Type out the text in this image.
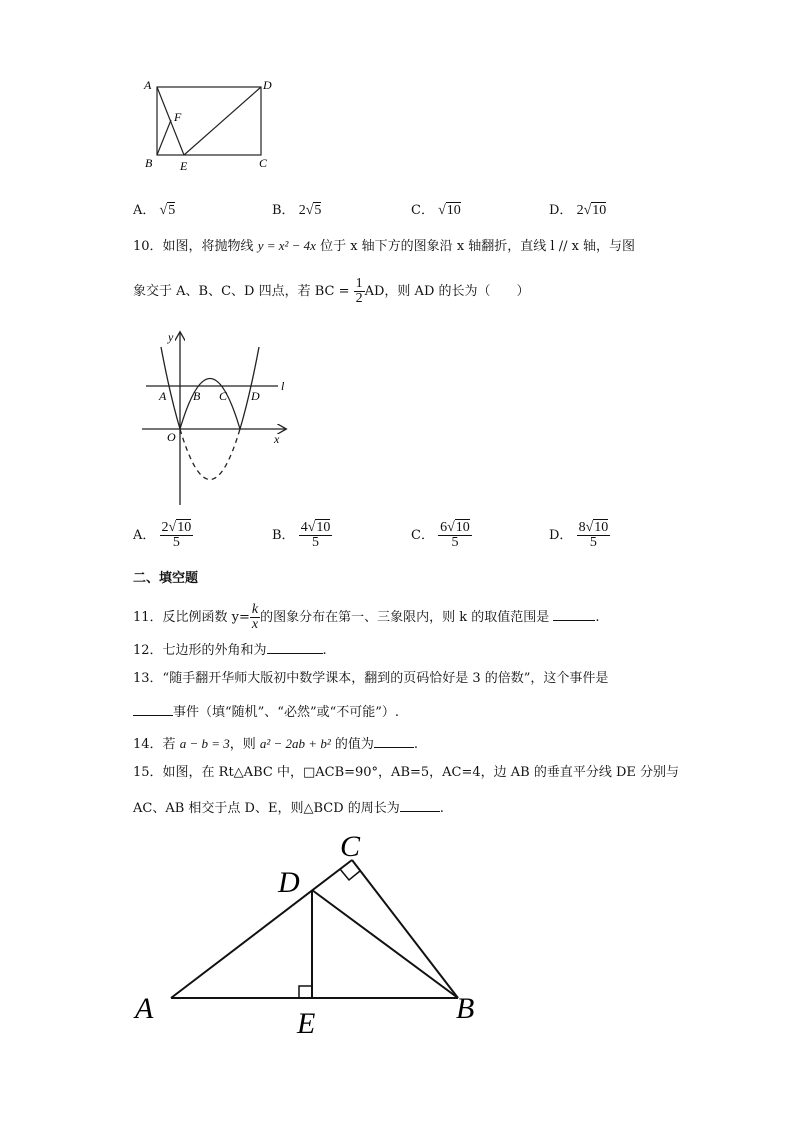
A	D
F
B E	C
A． √5	B． 2√5	C． √10	D． 2√10
10．如图，将抛物线 y = x² − 4x 位于 x 轴下方的图象沿 x 轴翻折，直线 l // x 轴，与图
象交于 A、B、C、D 四点，若 BC = $\frac{1}{2}$ AD，则 AD 的长为（　　）
y
x
l
O
A B C D
A． $\frac{2√10}{5}$	B． $\frac{4√10}{5}$	C． $\frac{6√10}{5}$	D． $\frac{8√10}{5}$
二、填空题
11．反比例函数 $y= \frac{k}{x}$ 的图象分布在第一、三象限内，则 k 的取值范围是	.
12．七边形的外角和为	.
13．“随手翻开华师大版初中数学课本，翻到的页码恰好是 3 的倍数”，这个事件是
事件（填“随机”、“必然”或“不可能”）.
14．若 a − b = 3，则 a² − 2ab + b² 的值为	.
15．如图，在 Rt△ABC 中，□ACB=90°，AB=5，AC=4，边 AB 的垂直平分线 DE 分别与
AC、AB 相交于点 D、E，则△BCD 的周长为	.
A	B
C
D
E
